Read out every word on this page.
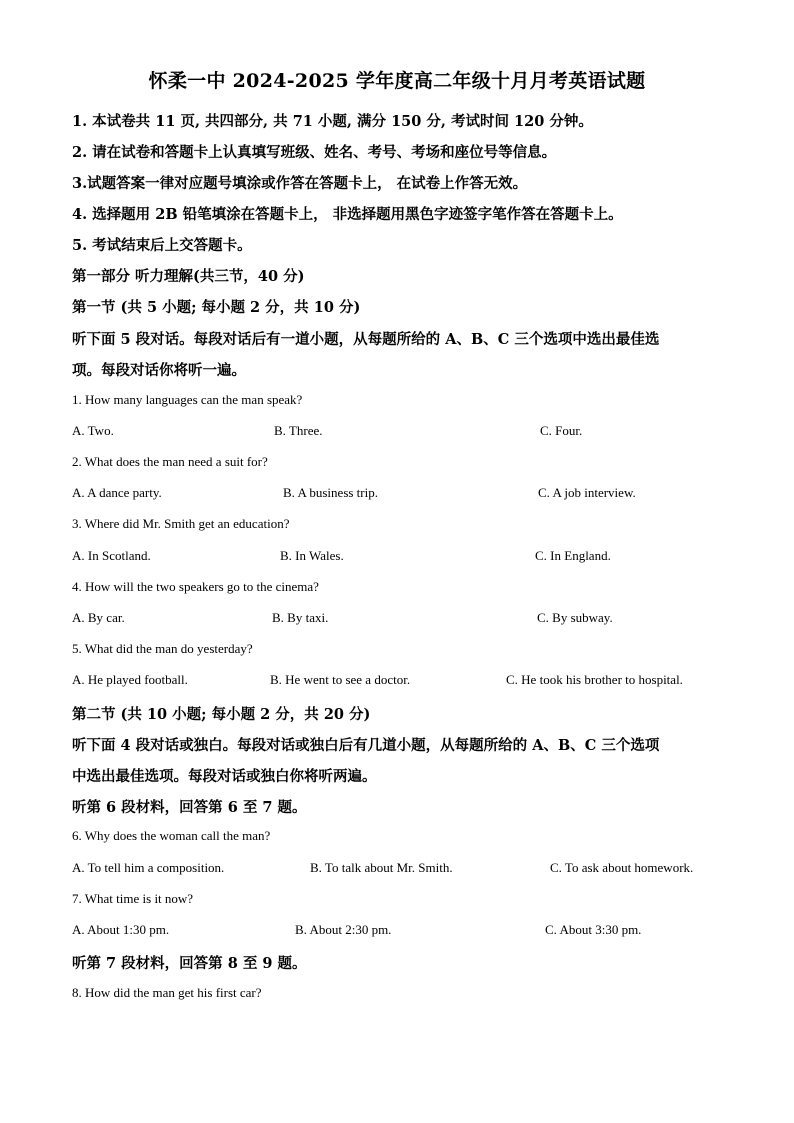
怀柔一中 2024-2025 学年度高二年级十月月考英语试题
1. 本试卷共 11 页, 共四部分, 共 71 小题, 满分 150 分, 考试时间 120 分钟。
2. 请在试卷和答题卡上认真填写班级、姓名、考号、考场和座位号等信息。
3.试题答案一律对应题号填涂或作答在答题卡上， 在试卷上作答无效。
4. 选择题用 2B 铅笔填涂在答题卡上， 非选择题用黑色字迹签字笔作答在答题卡上。
5. 考试结束后上交答题卡。
第一部分 听力理解(共三节，40 分)
第一节 (共 5 小题; 每小题 2 分，共 10 分)
听下面 5 段对话。每段对话后有一道小题，从每题所给的 A、B、C 三个选项中选出最佳选
项。每段对话你将听一遍。
1. How many languages can the man speak?
A. Two.	B. Three.	C. Four.
2. What does the man need a suit for?
A. A dance party.	B. A business trip.	C. A job interview.
3. Where did Mr. Smith get an education?
A. In Scotland.	B. In Wales.	C. In England.
4. How will the two speakers go to the cinema?
A. By car.	B. By taxi.	C. By subway.
5. What did the man do yesterday?
A. He played football.	B. He went to see a doctor.	C. He took his brother to hospital.
第二节 (共 10 小题; 每小题 2 分，共 20 分)
听下面 4 段对话或独白。每段对话或独白后有几道小题，从每题所给的 A、B、C 三个选项
中选出最佳选项。每段对话或独白你将听两遍。
听第 6 段材料，回答第 6 至 7 题。
6. Why does the woman call the man?
A. To tell him a composition.	B. To talk about Mr. Smith.	C. To ask about homework.
7. What time is it now?
A. About 1:30 pm.	B. About 2:30 pm.	C. About 3:30 pm.
听第 7 段材料，回答第 8 至 9 题。
8. How did the man get his first car?
